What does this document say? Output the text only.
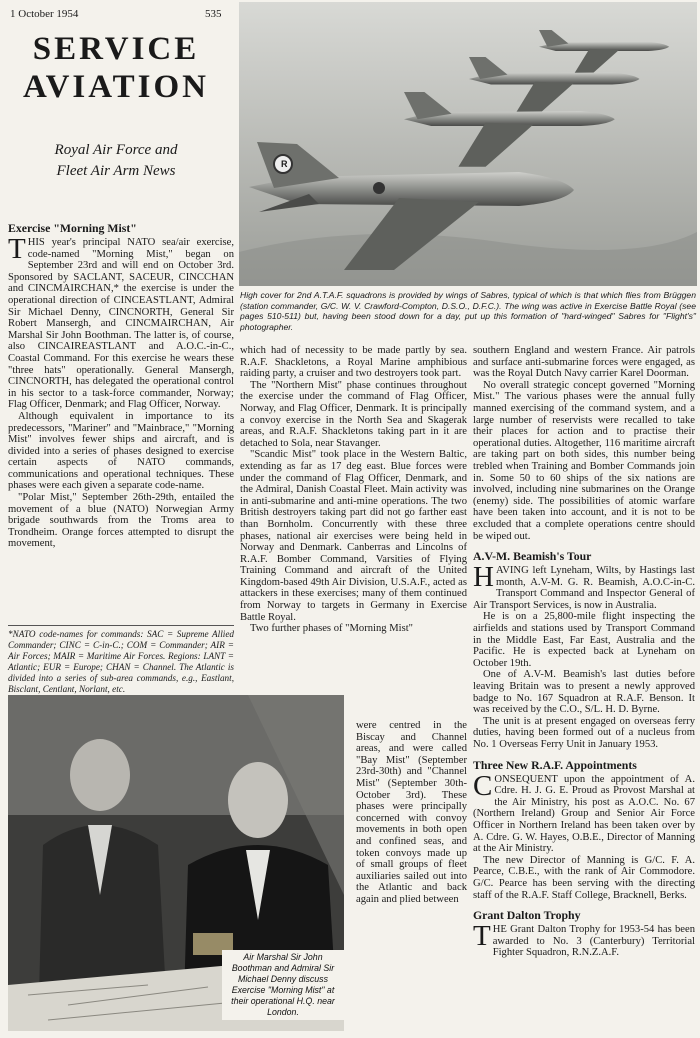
1 October 1954	535
SERVICE
AVIATION
Royal Air Force and
Fleet Air Arm News	R
High cover for 2nd A.T.A.F. squadrons is provided by wings of Sabres, typical of which is that which flies from Brüggen (station commander, G/C. W. V. Crawford-Compton, D.S.O., D.F.C.). The wing was active in Exercise Battle Royal (see pages 510-511) but, having been stood down for a day, put up this formation of "hard-winged" Sabres for "Flight's" photographer.
Exercise "Morning Mist"

THIS year's principal NATO sea/air exercise, code-named "Morning Mist," began on September 23rd and will end on October 3rd. Sponsored by SACLANT, SACEUR, CINCCHAN and CINCMAIRCHAN,* the exercise is under the operational direction of CINCEASTLANT, Admiral Sir Michael Denny, CINCNORTH, General Sir Robert Mansergh, and CINCMAIRCHAN, Air Marshal Sir John Boothman. The latter is, of course, also CINCAIREASTLANT and A.O.C.-in-C., Coastal Command. For this exercise he wears these "three hats" operationally. General Mansergh, CINCNORTH, has delegated the operational control in his sector to a task-force commander, Norway; Flag Officer, Denmark; and Flag Officer, Norway.

Although equivalent in importance to its predecessors, "Mariner" and "Mainbrace," "Morning Mist" involves fewer ships and aircraft, and is divided into a series of phases designed to exercise certain aspects of NATO commands, communications and operational techniques. These phases were each given a separate code-name.

"Polar Mist," September 26th-29th, entailed the movement of a blue (NATO) Norwegian Army brigade southwards from the Troms area to Trondheim. Orange forces attempted to disrupt the movement,

*NATO code-names for commands: SAC = Supreme Allied Commander; CINC = C-in-C.; COM = Commander; AIR = Air Forces; MAIR = Maritime Air Forces. Regions: LANT = Atlantic; EUR = Europe; CHAN = Channel. The Atlantic is divided into a series of sub-area commands, e.g., Eastlant, Bisclant, Centlant, Norlant, etc.

which had of necessity to be made partly by sea. R.A.F. Shackletons, a Royal Marine amphibious raiding party, a cruiser and two destroyers took part.

The "Northern Mist" phase continues throughout the exercise under the command of Flag Officer, Norway, and Flag Officer, Denmark. It is principally a convoy exercise in the North Sea and Skagerak areas, and R.A.F. Shackletons taking part in it are detached to Sola, near Stavanger.

"Scandic Mist" took place in the Western Baltic, extending as far as 17 deg east. Blue forces were under the command of Flag Officer, Denmark, and the Admiral, Danish Coastal Fleet. Main activity was in anti-submarine and anti-mine operations. The two British destroyers taking part did not go farther east than Bornholm. Concurrently with these three phases, national air exercises were being held in Norway and Denmark. Canberras and Lincolns of R.A.F. Bomber Command, Varsities of Flying Training Command and aircraft of the United Kingdom-based 49th Air Division, U.S.A.F., acted as attackers in these exercises; many of them continued from Norway to targets in Germany in Exercise Battle Royal.

Two further phases of "Morning Mist"

were centred in the Biscay and Channel areas, and were called "Bay Mist" (September 23rd-30th) and "Channel Mist" (September 30th-October 3rd). These phases were principally concerned with convoy movements in both open and confined seas, and token convoys made up of small groups of fleet auxiliaries sailed out into the Atlantic and back again and plied between

southern England and western France. Air patrols and surface anti-submarine forces were engaged, as was the Royal Dutch Navy carrier Karel Doorman.

No overall strategic concept governed "Morning Mist." The various phases were the annual fully manned exercising of the command system, and a large number of reservists were recalled to take their places for action and to practise their operational duties. Altogether, 116 maritime aircraft are taking part on both sides, this number being trebled when Training and Bomber Commands join in. Some 50 to 60 ships of the six nations are involved, including nine submarines on the Orange (enemy) side. The possibilities of atomic warfare have been taken into account, and it is not to be excluded that a complete operations centre should be wiped out.

A.V-M. Beamish's Tour

HAVING left Lyneham, Wilts, by Hastings last month, A.V-M. G. R. Beamish, A.O.C-in-C. Transport Command and Inspector General of Air Transport Services, is now in Australia.

He is on a 25,800-mile flight inspecting the airfields and stations used by Transport Command in the Middle East, Far East, Australia and the Pacific. He is expected back at Lyneham on October 19th.

One of A.V-M. Beamish's last duties before leaving Britain was to present a newly approved badge to No. 167 Squadron at R.A.F. Benson. It was received by the C.O., S/L. H. D. Byrne.

The unit is at present engaged on overseas ferry duties, having been formed out of a nucleus from No. 1 Overseas Ferry Unit in January 1953.

Three New R.A.F. Appointments

CONSEQUENT upon the appointment of A. Cdre. H. J. G. E. Proud as Provost Marshal at the Air Ministry, his post as A.O.C. No. 67 (Northern Ireland) Group and Senior Air Force Officer in Northern Ireland has been taken over by A. Cdre. G. W. Hayes, O.B.E., Director of Manning at the Air Ministry.

The new Director of Manning is G/C. F. A. Pearce, C.B.E., with the rank of Air Commodore. G/C. Pearce has been serving with the directing staff of the R.A.F. Staff College, Bracknell, Berks.

Grant Dalton Trophy

THE Grant Dalton Trophy for 1953-54 has been awarded to No. 3 (Canterbury) Territorial Fighter Squadron, R.N.Z.A.F.

Air Marshal Sir John Boothman and Admiral Sir Michael Denny discuss Exercise "Morning Mist" at their operational H.Q. near London.
